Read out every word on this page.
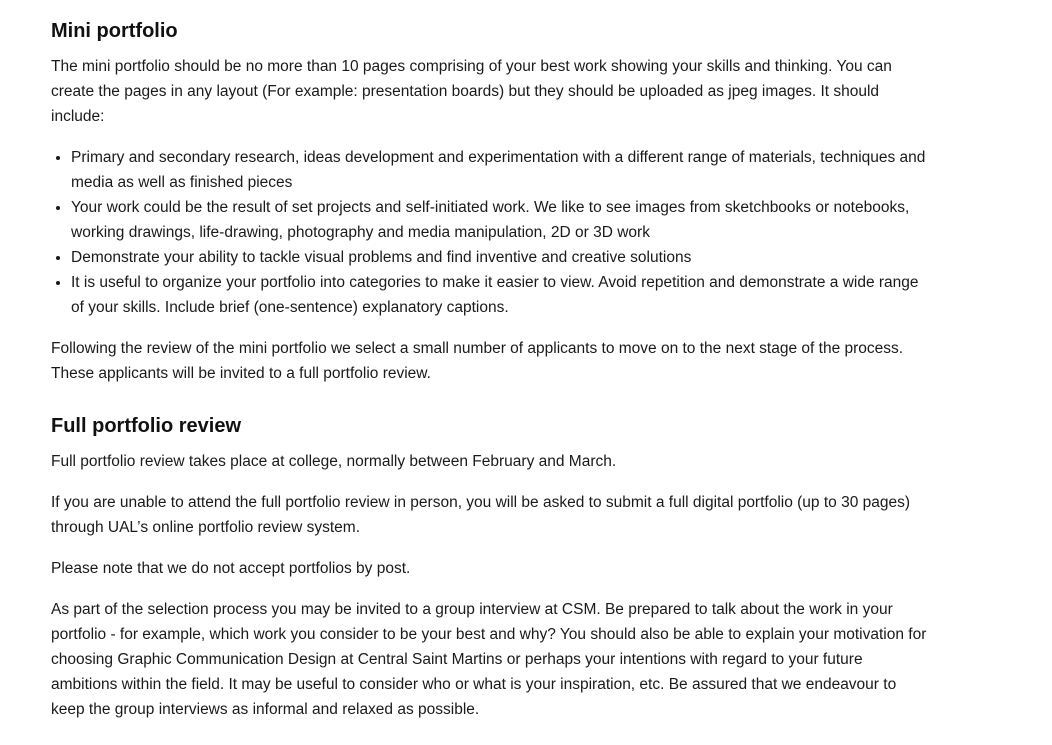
Mini portfolio

The mini portfolio should be no more than 10 pages comprising of your best work showing your skills and thinking. You can create the pages in any layout (For example: presentation boards) but they should be uploaded as jpeg images. It should include:

• Primary and secondary research, ideas development and experimentation with a different range of materials, techniques and media as well as finished pieces
• Your work could be the result of set projects and self-initiated work. We like to see images from sketchbooks or notebooks, working drawings, life-drawing, photography and media manipulation, 2D or 3D work
• Demonstrate your ability to tackle visual problems and find inventive and creative solutions
• It is useful to organize your portfolio into categories to make it easier to view. Avoid repetition and demonstrate a wide range of your skills. Include brief (one-sentence) explanatory captions.

Following the review of the mini portfolio we select a small number of applicants to move on to the next stage of the process. These applicants will be invited to a full portfolio review.

Full portfolio review

Full portfolio review takes place at college, normally between February and March.

If you are unable to attend the full portfolio review in person, you will be asked to submit a full digital portfolio (up to 30 pages) through UAL’s online portfolio review system.

Please note that we do not accept portfolios by post.

As part of the selection process you may be invited to a group interview at CSM. Be prepared to talk about the work in your portfolio - for example, which work you consider to be your best and why? You should also be able to explain your motivation for choosing Graphic Communication Design at Central Saint Martins or perhaps your intentions with regard to your future ambitions within the field. It may be useful to consider who or what is your inspiration, etc. Be assured that we endeavour to keep the group interviews as informal and relaxed as possible.
